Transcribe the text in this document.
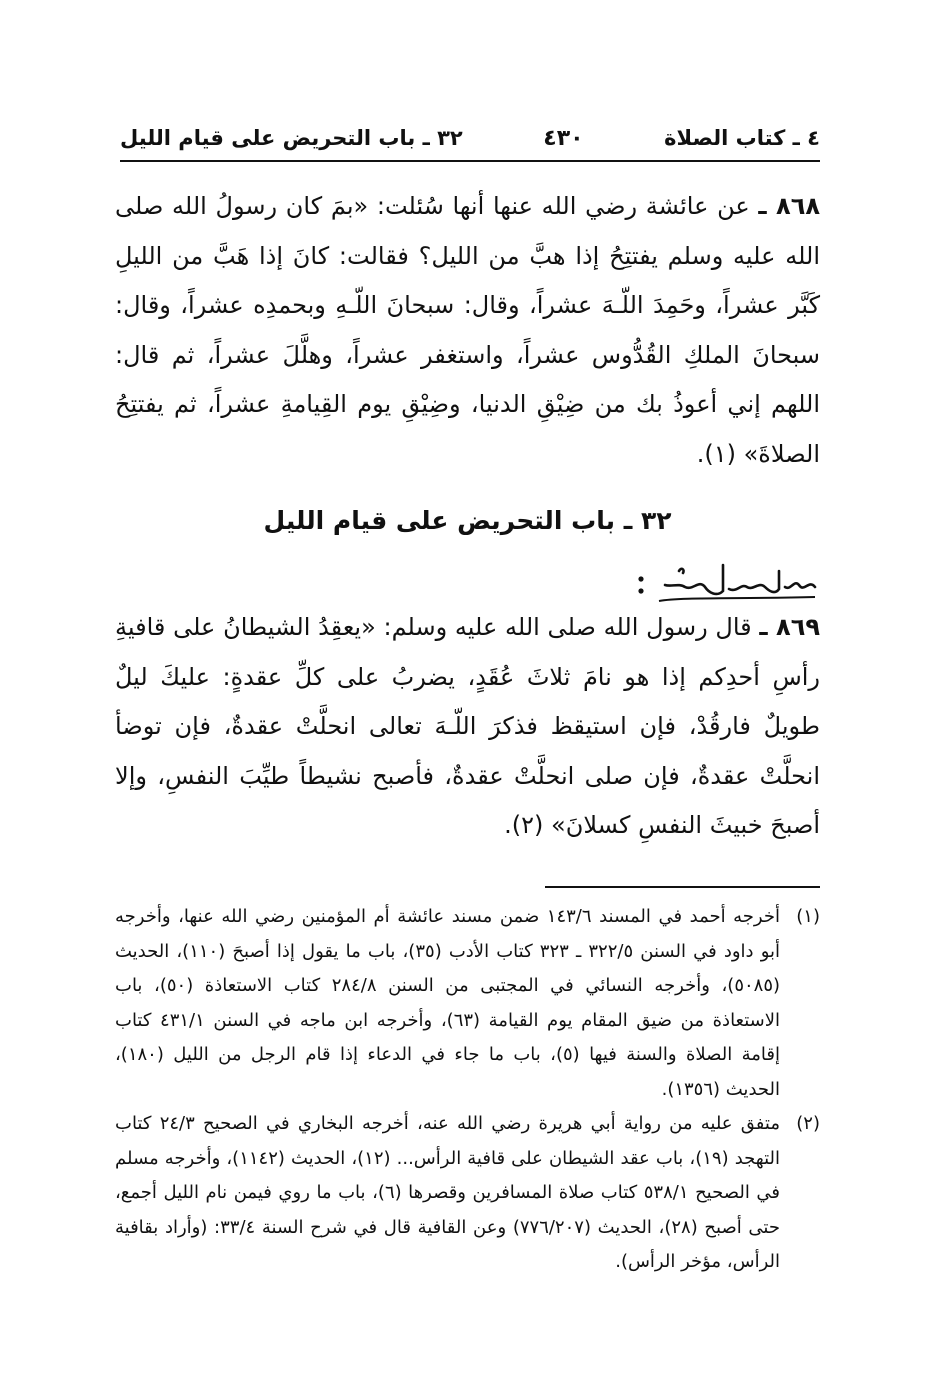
٤ ـ كتاب الصلاة
٤٣٠
٣٢ ـ باب التحريض على قيام الليل

٨٦٨ ـ عن عائشة رضي الله عنها أنها سُئلت: «بمَ كان رسولُ الله صلى الله عليه وسلم يفتتِحُ إذا هبَّ من الليل؟ فقالت: كانَ إذا هَبَّ من الليلِ كَبَّر عشراً، وحَمِدَ اللّـهَ عشراً، وقال: سبحانَ اللّـهِ وبحمدِه عشراً، وقال: سبحانَ الملكِ القُدُّوس عشراً، واستغفر عشراً، وهلَّلَ عشراً، ثم قال: اللهم إني أعوذُ بك من ضِيْقِ الدنيا، وضِيْقِ يوم القِيامةِ عشراً، ثم يفتتِحُ الصلاةَ» (١).

٣٢ ـ باب التحريض على قيام الليل

٨٦٩ ـ قال رسول الله صلى الله عليه وسلم: «يعقِدُ الشيطانُ على قافيةِ رأسِ أحدِكم إذا هو نامَ ثلاثَ عُقَدٍ، يضربُ على كلِّ عقدةٍ: عليكَ ليلٌ طويلٌ فارقُدْ، فإن استيقظ فذكرَ اللّـهَ تعالى انحلَّتْ عقدةٌ، فإن توضأ انحلَّتْ عقدةٌ، فإن صلى انحلَّتْ عقدةٌ، فأصبح نشيطاً طيِّبَ النفسِ، وإلا أصبحَ خبيثَ النفسِ كسلانَ» (٢).

(١)
أخرجه أحمد في المسند ١٤٣/٦ ضمن مسند عائشة أم المؤمنين رضي الله عنها، وأخرجه أبو داود في السنن ٣٢٢/٥ ـ ٣٢٣ كتاب الأدب (٣٥)، باب ما يقول إذا أصبحَ (١١٠)، الحديث (٥٠٨٥)، وأخرجه النسائي في المجتبى من السنن ٢٨٤/٨ كتاب الاستعاذة (٥٠)، باب الاستعاذة من ضيق المقام يوم القيامة (٦٣)، وأخرجه ابن ماجه في السنن ٤٣١/١ كتاب إقامة الصلاة والسنة فيها (٥)، باب ما جاء في الدعاء إذا قام الرجل من الليل (١٨٠)، الحديث (١٣٥٦).
(٢)
متفق عليه من رواية أبي هريرة رضي الله عنه، أخرجه البخاري في الصحيح ٢٤/٣ كتاب التهجد (١٩)، باب عقد الشيطان على قافية الرأس... (١٢)، الحديث (١١٤٢)، وأخرجه مسلم في الصحيح ٥٣٨/١ كتاب صلاة المسافرين وقصرها (٦)، باب ما روي فيمن نام الليل أجمع، حتى أصبح (٢٨)، الحديث (٧٧٦/٢٠٧) وعن القافية قال في شرح السنة ٣٣/٤: (وأراد بقافية الرأس، مؤخر الرأس).
